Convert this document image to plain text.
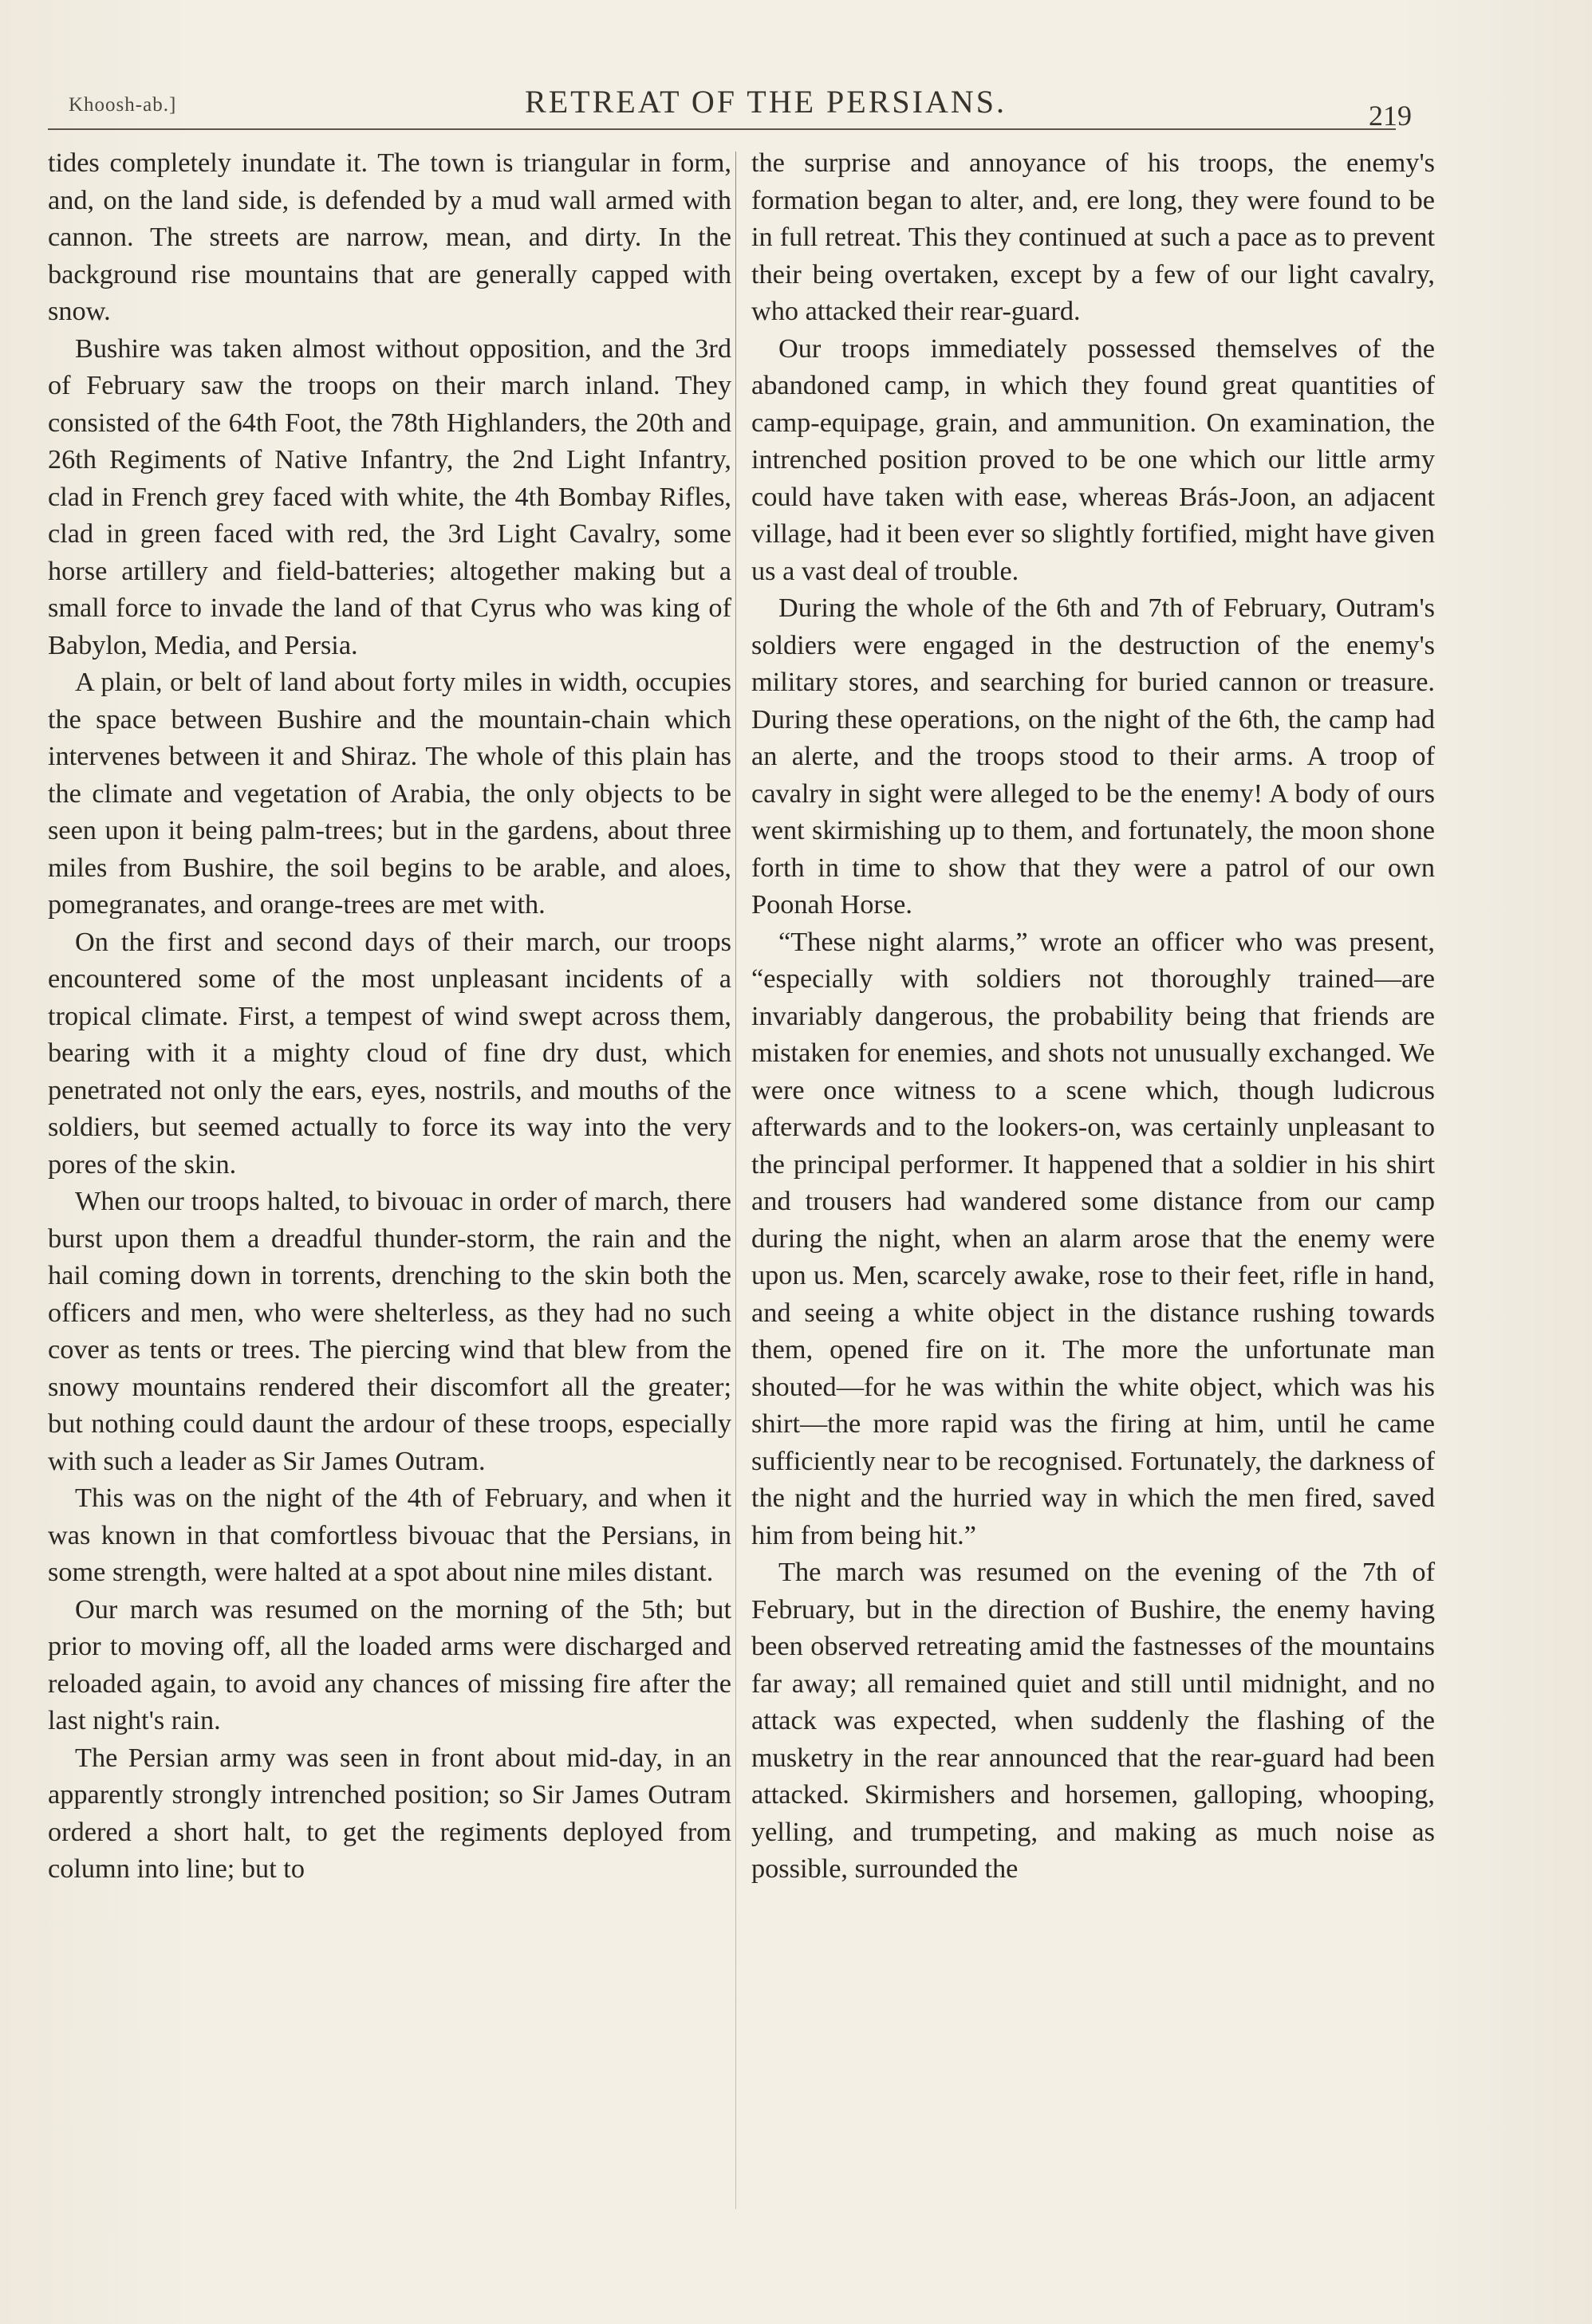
Khoosh-ab.]	RETREAT OF THE PERSIANS.	219

tides completely inundate it. The town is triangular in form, and, on the land side, is defended by a mud wall armed with cannon. The streets are narrow, mean, and dirty. In the background rise mountains that are generally capped with snow.

Bushire was taken almost without opposition, and the 3rd of February saw the troops on their march inland. They consisted of the 64th Foot, the 78th Highlanders, the 20th and 26th Regiments of Native Infantry, the 2nd Light Infantry, clad in French grey faced with white, the 4th Bombay Rifles, clad in green faced with red, the 3rd Light Cavalry, some horse artillery and field-batteries; altogether making but a small force to invade the land of that Cyrus who was king of Babylon, Media, and Persia.

A plain, or belt of land about forty miles in width, occupies the space between Bushire and the mountain-chain which intervenes between it and Shiraz. The whole of this plain has the climate and vegetation of Arabia, the only objects to be seen upon it being palm-trees; but in the gardens, about three miles from Bushire, the soil begins to be arable, and aloes, pomegranates, and orange-trees are met with.

On the first and second days of their march, our troops encountered some of the most unpleasant incidents of a tropical climate. First, a tempest of wind swept across them, bearing with it a mighty cloud of fine dry dust, which penetrated not only the ears, eyes, nostrils, and mouths of the soldiers, but seemed actually to force its way into the very pores of the skin.

When our troops halted, to bivouac in order of march, there burst upon them a dreadful thunder-storm, the rain and the hail coming down in torrents, drenching to the skin both the officers and men, who were shelterless, as they had no such cover as tents or trees. The piercing wind that blew from the snowy mountains rendered their discomfort all the greater; but nothing could daunt the ardour of these troops, especially with such a leader as Sir James Outram.

This was on the night of the 4th of February, and when it was known in that comfortless bivouac that the Persians, in some strength, were halted at a spot about nine miles distant.

Our march was resumed on the morning of the 5th; but prior to moving off, all the loaded arms were discharged and reloaded again, to avoid any chances of missing fire after the last night's rain.

The Persian army was seen in front about mid-day, in an apparently strongly intrenched position; so Sir James Outram ordered a short halt, to get the regiments deployed from column into line; but to

the surprise and annoyance of his troops, the enemy's formation began to alter, and, ere long, they were found to be in full retreat. This they continued at such a pace as to prevent their being overtaken, except by a few of our light cavalry, who attacked their rear-guard.

Our troops immediately possessed themselves of the abandoned camp, in which they found great quantities of camp-equipage, grain, and ammunition. On examination, the intrenched position proved to be one which our little army could have taken with ease, whereas Brás-Joon, an adjacent village, had it been ever so slightly fortified, might have given us a vast deal of trouble.

During the whole of the 6th and 7th of February, Outram's soldiers were engaged in the destruction of the enemy's military stores, and searching for buried cannon or treasure. During these operations, on the night of the 6th, the camp had an alerte, and the troops stood to their arms. A troop of cavalry in sight were alleged to be the enemy! A body of ours went skirmishing up to them, and fortunately, the moon shone forth in time to show that they were a patrol of our own Poonah Horse.

“These night alarms,” wrote an officer who was present, “especially with soldiers not thoroughly trained—are invariably dangerous, the probability being that friends are mistaken for enemies, and shots not unusually exchanged. We were once witness to a scene which, though ludicrous afterwards and to the lookers-on, was certainly unpleasant to the principal performer. It happened that a soldier in his shirt and trousers had wandered some distance from our camp during the night, when an alarm arose that the enemy were upon us. Men, scarcely awake, rose to their feet, rifle in hand, and seeing a white object in the distance rushing towards them, opened fire on it. The more the unfortunate man shouted—for he was within the white object, which was his shirt—the more rapid was the firing at him, until he came sufficiently near to be recognised. Fortunately, the darkness of the night and the hurried way in which the men fired, saved him from being hit.”

The march was resumed on the evening of the 7th of February, but in the direction of Bushire, the enemy having been observed retreating amid the fastnesses of the mountains far away; all remained quiet and still until midnight, and no attack was expected, when suddenly the flashing of the musketry in the rear announced that the rear-guard had been attacked. Skirmishers and horsemen, galloping, whooping, yelling, and trumpeting, and making as much noise as possible, surrounded the
